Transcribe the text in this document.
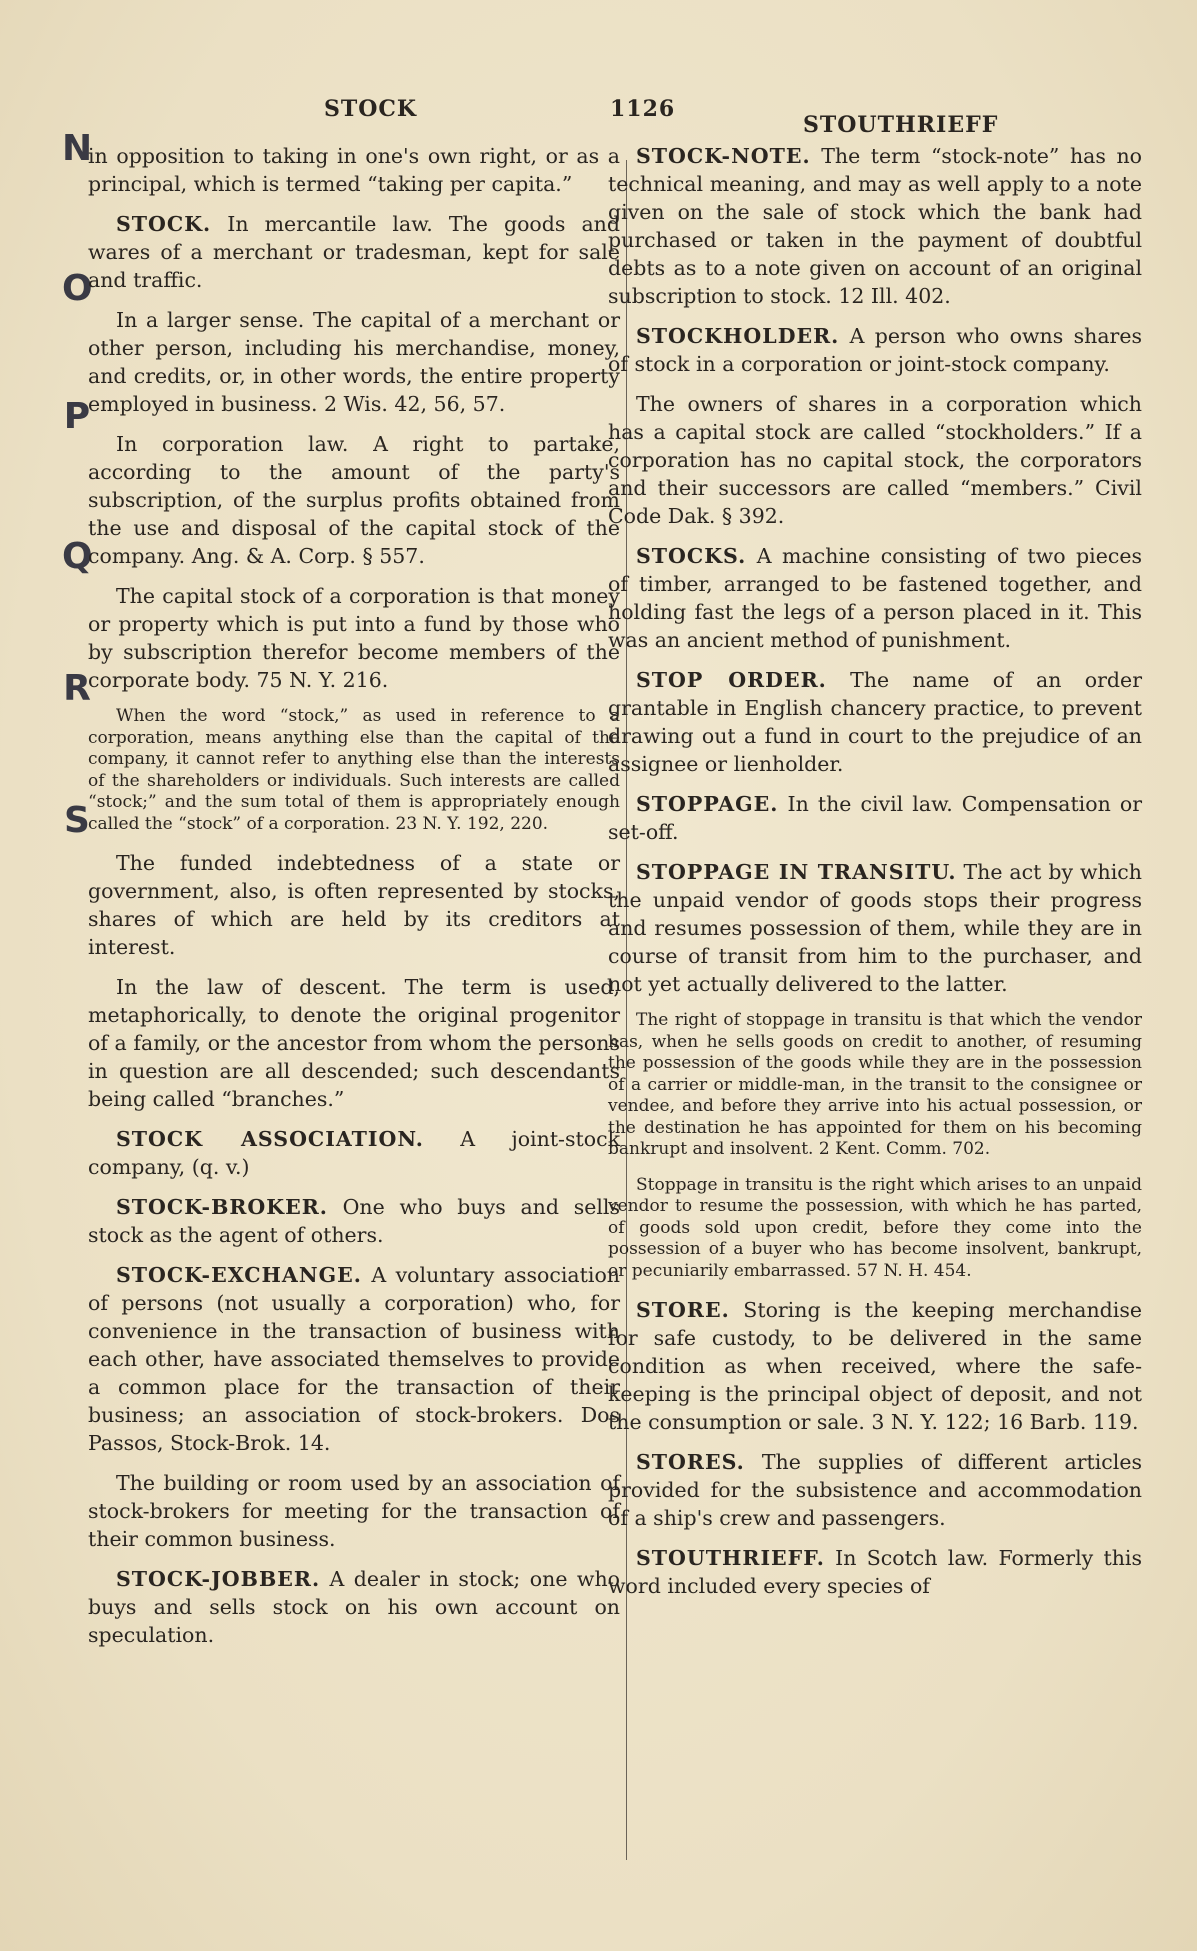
STOCK	1126
STOUTHRIEFF
N
O
P
Q
R
S

in opposition to taking in one's own right, or as a principal, which is termed “taking per capita.”

STOCK. In mercantile law. The goods and wares of a merchant or tradesman, kept for sale and traffic.

In a larger sense. The capital of a merchant or other person, including his merchandise, money, and credits, or, in other words, the entire property employed in business. 2 Wis. 42, 56, 57.

In corporation law. A right to partake, according to the amount of the party's subscription, of the surplus profits obtained from the use and disposal of the capital stock of the company. Ang. & A. Corp. § 557.

The capital stock of a corporation is that money or property which is put into a fund by those who by subscription therefor become members of the corporate body. 75 N. Y. 216.

When the word “stock,” as used in reference to a corporation, means anything else than the capital of the company, it cannot refer to anything else than the interests of the shareholders or individuals. Such interests are called “stock;” and the sum total of them is appropriately enough called the “stock” of a corporation. 23 N. Y. 192, 220.

The funded indebtedness of a state or government, also, is often represented by stocks, shares of which are held by its creditors at interest.

In the law of descent. The term is used, metaphorically, to denote the original progenitor of a family, or the ancestor from whom the persons in question are all descended; such descendants being called “branches.”

STOCK ASSOCIATION. A joint-stock company, (q. v.)

STOCK-BROKER. One who buys and sells stock as the agent of others.

STOCK-EXCHANGE. A voluntary association of persons (not usually a corporation) who, for convenience in the transaction of business with each other, have associated themselves to provide a common place for the transaction of their business; an association of stock-brokers. Dos Passos, Stock-Brok. 14.

The building or room used by an association of stock-brokers for meeting for the transaction of their common business.

STOCK-JOBBER. A dealer in stock; one who buys and sells stock on his own account on speculation.

STOCK-NOTE. The term “stock-note” has no technical meaning, and may as well apply to a note given on the sale of stock which the bank had purchased or taken in the payment of doubtful debts as to a note given on account of an original subscription to stock. 12 Ill. 402.

STOCKHOLDER. A person who owns shares of stock in a corporation or joint-stock company.

The owners of shares in a corporation which has a capital stock are called “stockholders.” If a corporation has no capital stock, the corporators and their successors are called “members.” Civil Code Dak. § 392.

STOCKS. A machine consisting of two pieces of timber, arranged to be fastened together, and holding fast the legs of a person placed in it. This was an ancient method of punishment.

STOP ORDER. The name of an order grantable in English chancery practice, to prevent drawing out a fund in court to the prejudice of an assignee or lienholder.

STOPPAGE. In the civil law. Compensation or set-off.

STOPPAGE IN TRANSITU. The act by which the unpaid vendor of goods stops their progress and resumes possession of them, while they are in course of transit from him to the purchaser, and not yet actually delivered to the latter.

The right of stoppage in transitu is that which the vendor has, when he sells goods on credit to another, of resuming the possession of the goods while they are in the possession of a carrier or middle-man, in the transit to the consignee or vendee, and before they arrive into his actual possession, or the destination he has appointed for them on his becoming bankrupt and insolvent. 2 Kent. Comm. 702.

Stoppage in transitu is the right which arises to an unpaid vendor to resume the possession, with which he has parted, of goods sold upon credit, before they come into the possession of a buyer who has become insolvent, bankrupt, or pecuniarily embarrassed. 57 N. H. 454.

STORE. Storing is the keeping merchandise for safe custody, to be delivered in the same condition as when received, where the safe-keeping is the principal object of deposit, and not the consumption or sale. 3 N. Y. 122; 16 Barb. 119.

STORES. The supplies of different articles provided for the subsistence and accommodation of a ship's crew and passengers.

STOUTHRIEFF. In Scotch law. Formerly this word included every species of
